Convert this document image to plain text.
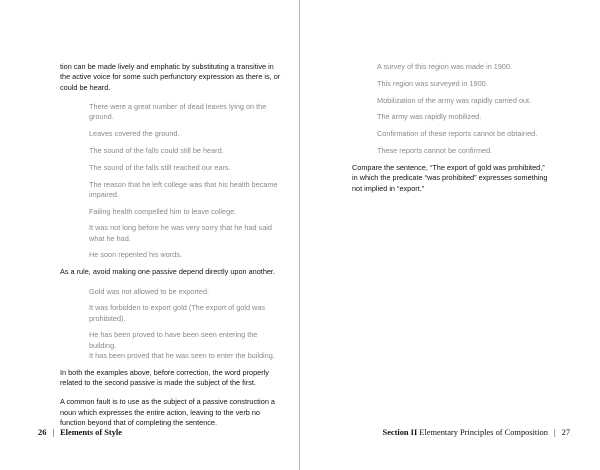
tion can be made lively and emphatic by substituting a transitive in the active voice for some such perfunctory expression as there is, or could be heard.

There were a great number of dead leaves lying on the ground.

Leaves covered the ground.

The sound of the falls could still be heard.

The sound of the falls still reached our ears.

The reason that he left college was that his health became impaired.

Failing health compelled him to leave college.

It was not long before he was very sorry that he had said what he had.

He soon repented his words.

As a rule, avoid making one passive depend directly upon another.

Gold was not allowed to be exported.

It was forbidden to export gold (The export of gold was prohibited).

He has been proved to have been seen entering the building.
It has been proved that he was seen to enter the building.

In both the examples above, before correction, the word properly related to the second passive is made the subject of the first.

A common fault is to use as the subject of a passive construction a noun which expresses the entire action, leaving to the verb no function beyond that of completing the sentence.

26 | Elements of Style

A survey of this region was made in 1900.

This region was surveyed in 1900.

Mobilization of the army was rapidly carried out.

The army was rapidly mobilized.

Confirmation of these reports cannot be obtained.

These reports cannot be confirmed.

Compare the sentence, “The export of gold was prohibited,” in which the predicate “was prohibited” expresses something not implied in “export.”

Section II Elementary Principles of Composition | 27
